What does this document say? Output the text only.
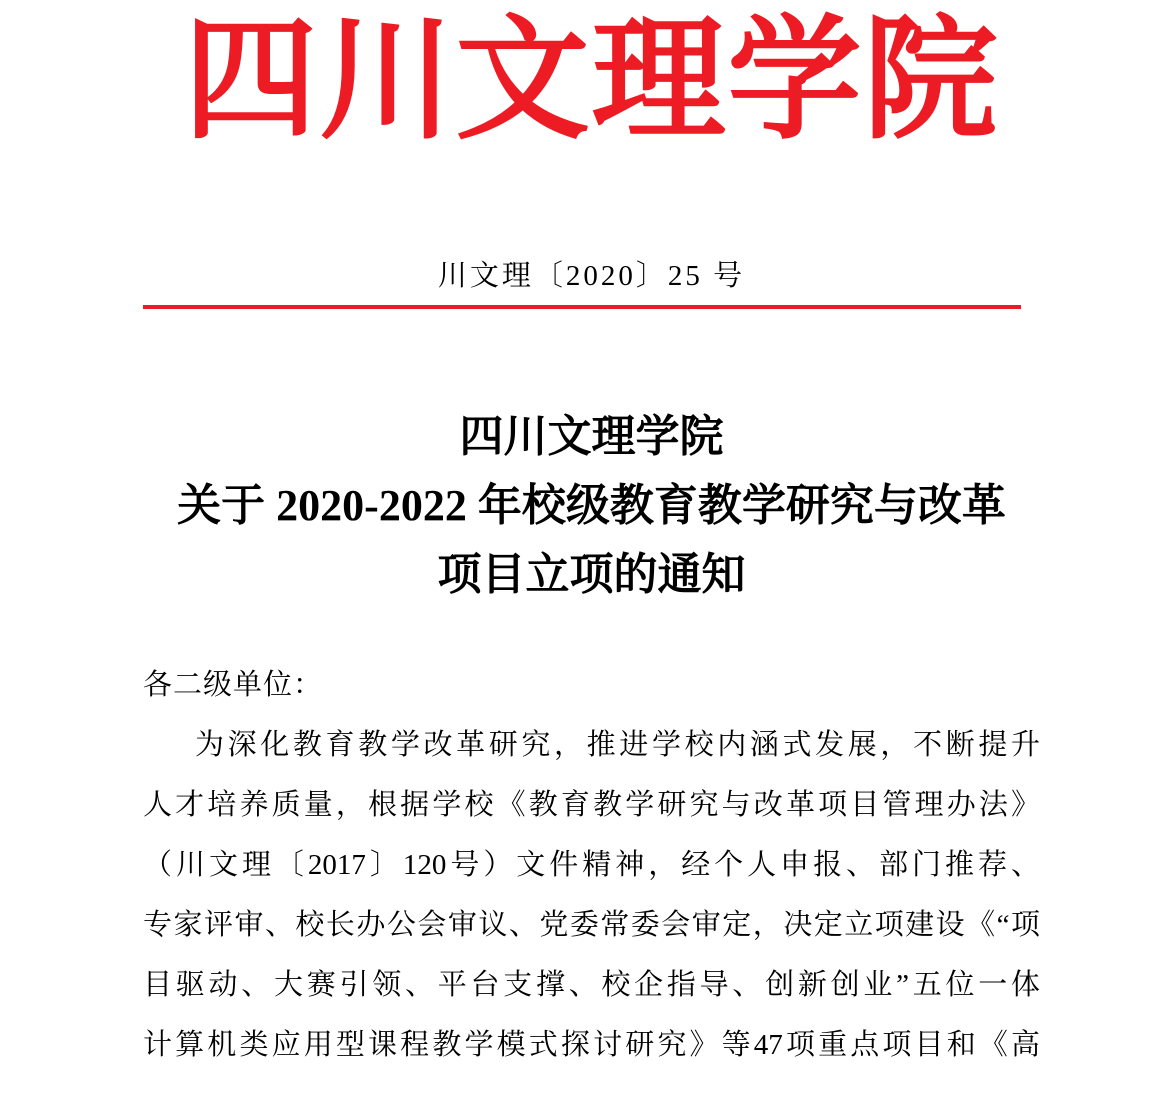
四川文理学院
川文理〔2020〕25 号
四川文理学院
关于 2020-2022 年校级教育教学研究与改革
项目立项的通知
各二级单位：
为深化教育教学改革研究，推进学校内涵式发展，不断提升
人才培养质量，根据学校《教育教学研究与改革项目管理办法》
（川文理〔2017〕120号）文件精神，经个人申报、部门推荐、
专家评审、校长办公会审议、党委常委会审定，决定立项建设《“项
目驱动、大赛引领、平台支撑、校企指导、创新创业”五位一体
计算机类应用型课程教学模式探讨研究》等47项重点项目和《高
